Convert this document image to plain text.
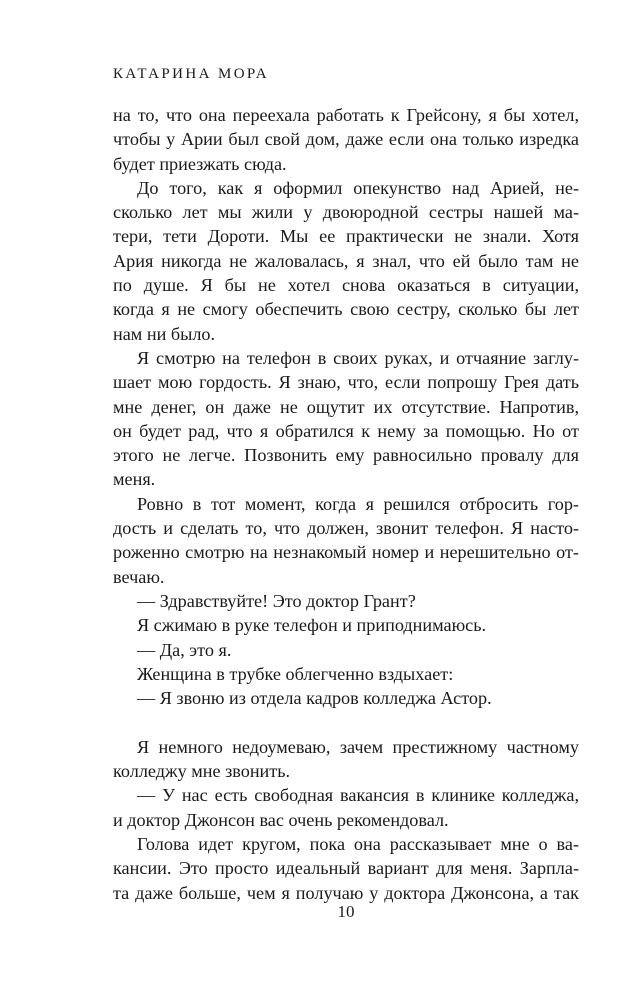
КАТАРИНА МОРА
на то, что она переехала работать к Грейсону, я бы хотел,
чтобы у Арии был свой дом, даже если она только изредка
будет приезжать сюда.
До того, как я оформил опекунство над Арией, не-
сколько лет мы жили у двоюродной сестры нашей ма-
тери, тети Дороти. Мы ее практически не знали. Хотя
Ария никогда не жаловалась, я знал, что ей было там не
по душе. Я бы не хотел снова оказаться в ситуации,
когда я не смогу обеспечить свою сестру, сколько бы лет
нам ни было.
Я смотрю на телефон в своих руках, и отчаяние заглу-
шает мою гордость. Я знаю, что, если попрошу Грея дать
мне денег, он даже не ощутит их отсутствие. Напротив,
он будет рад, что я обратился к нему за помощью. Но от
этого не легче. Позвонить ему равносильно провалу для
меня.
Ровно в тот момент, когда я решился отбросить гор-
дость и сделать то, что должен, звонит телефон. Я насто-
роженно смотрю на незнакомый номер и нерешительно от-
вечаю.
— Здравствуйте! Это доктор Грант?
Я сжимаю в руке телефон и приподнимаюсь.
— Да, это я.
Женщина в трубке облегченно вздыхает:
— Я звоню из отдела кадров колледжа Астор.
Я немного недоумеваю, зачем престижному частному
колледжу мне звонить.
— У нас есть свободная вакансия в клинике колледжа,
и доктор Джонсон вас очень рекомендовал.
Голова идет кругом, пока она рассказывает мне о ва-
кансии. Это просто идеальный вариант для меня. Зарпла-
та даже больше, чем я получаю у доктора Джонсона, а так
10
